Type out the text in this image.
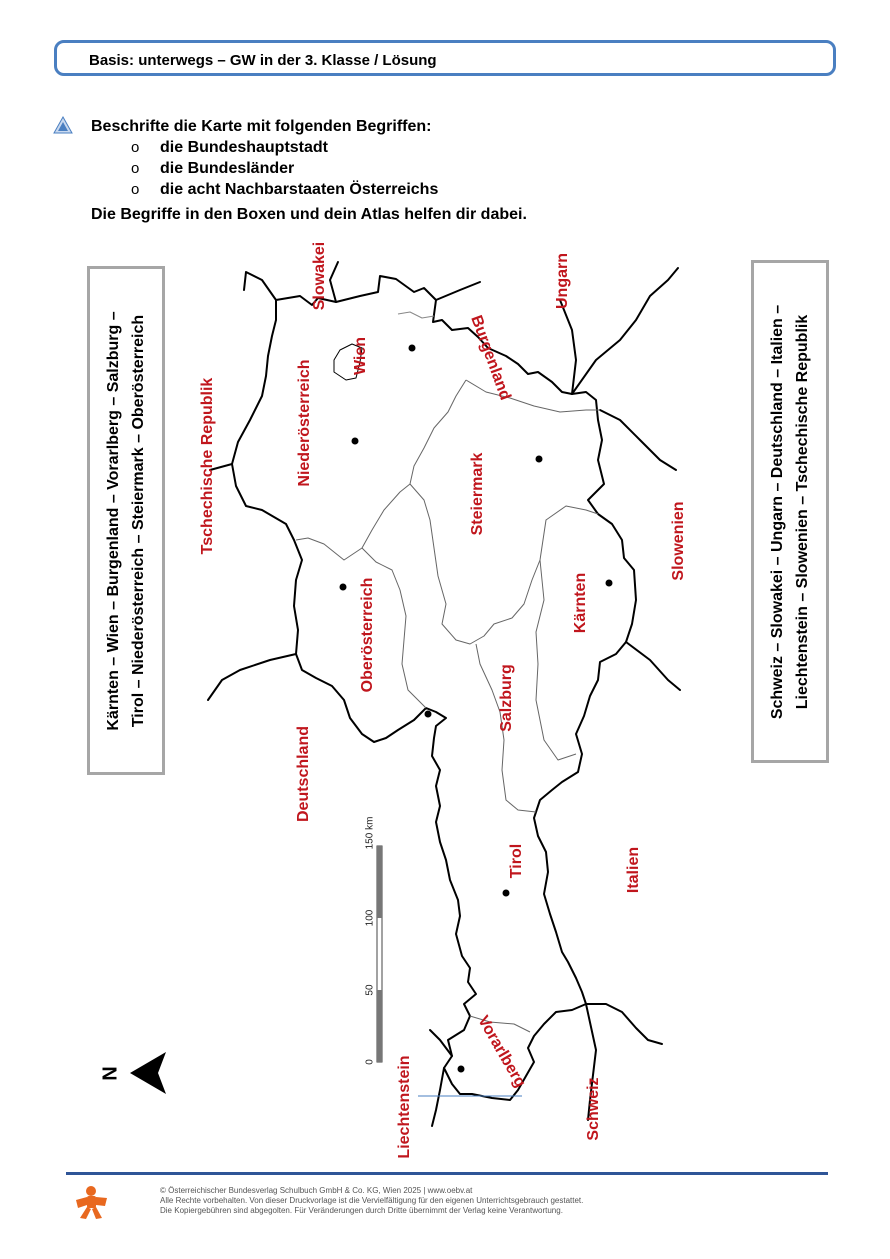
Basis: unterwegs – GW in der 3. Klasse / Lösung
Beschrifte die Karte mit folgenden Begriffen:
o die Bundeshauptstadt
o die Bundesländer
o die acht Nachbarstaaten Österreichs
Die Begriffe in den Boxen und dein Atlas helfen dir dabei.
Kärnten – Wien – Burgenland – Vorarlberg – Salzburg – Tirol – Niederösterreich – Steiermark – Oberösterreich	Schweiz – Slowakei – Ungarn – Deutschland – Italien – Liechtenstein – Slowenien – Tschechische Republik
Slowakei	Ungarn
Wien	Burgenland
Niederösterreich
Tschechische Republik	Steiermark
Slowenien
Kärnten
Oberösterreich
Salzburg
Deutschland
Tirol	Italien
Vorarlberg
Liechtenstein	Schweiz
150 km
100
50
0
N
© Österreichischer Bundesverlag Schulbuch GmbH & Co. KG, Wien 2025 | www.oebv.at
Alle Rechte vorbehalten. Von dieser Druckvorlage ist die Vervielfältigung für den eigenen Unterrichtsgebrauch gestattet.
Die Kopiergebühren sind abgegolten. Für Veränderungen durch Dritte übernimmt der Verlag keine Verantwortung.
